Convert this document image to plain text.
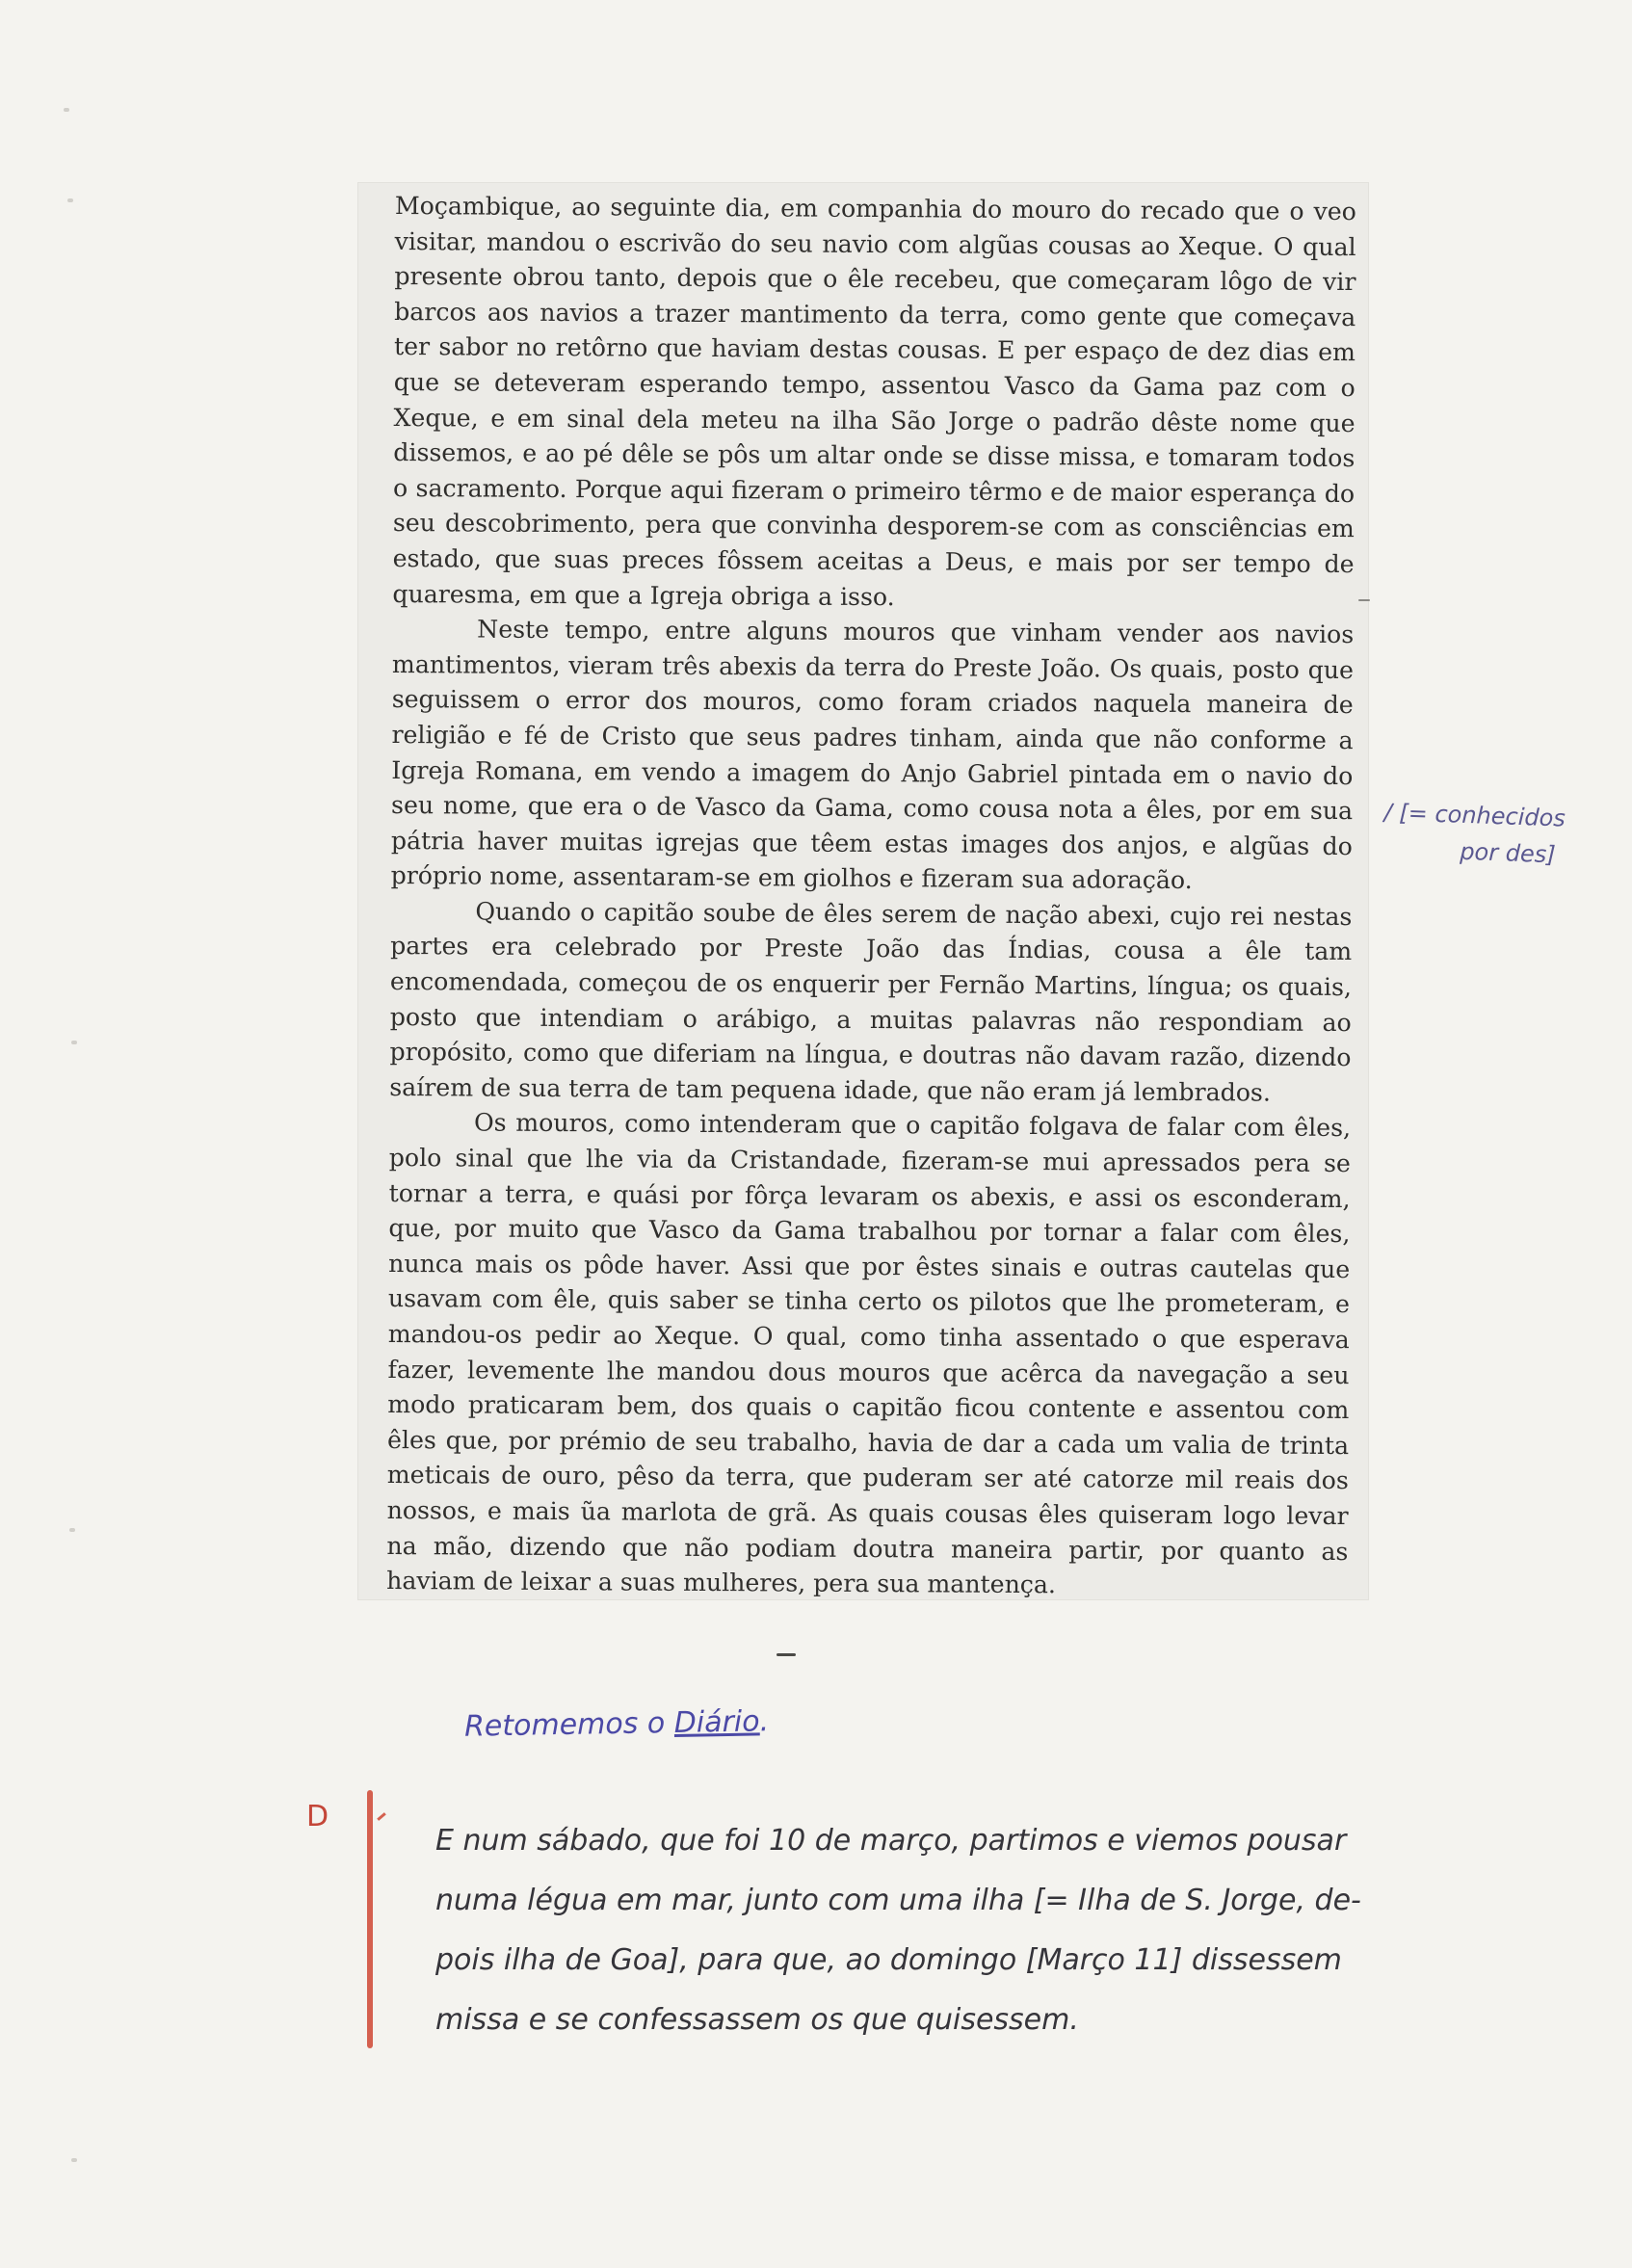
Moçambique, ao seguinte dia, em companhia do mouro do recado que o veo visitar, mandou o escrivão do seu navio com algũas cousas ao Xeque. O qual presente obrou tanto, depois que o êle recebeu, que começaram lôgo de vir barcos aos navios a trazer mantimento da terra, como gente que começava ter sabor no retôrno que haviam destas cousas. E per espaço de dez dias em que se deteveram esperando tempo, assentou Vasco da Gama paz com o Xeque, e em sinal dela meteu na ilha São Jorge o padrão dêste nome que dissemos, e ao pé dêle se pôs um altar onde se disse missa, e tomaram todos o sacramento. Porque aqui fizeram o primeiro têrmo e de maior esperança do seu descobrimento, pera que convinha desporem-se com as consciências em estado, que suas preces fôssem aceitas a Deus, e mais por ser tempo de quaresma, em que a Igreja obriga a isso.

Neste tempo, entre alguns mouros que vinham vender aos navios mantimentos, vieram três abexis da terra do Preste João. Os quais, posto que seguissem o error dos mouros, como foram criados naquela maneira de religião e fé de Cristo que seus padres tinham, ainda que não conforme a Igreja Romana, em vendo a imagem do Anjo Gabriel pintada em o navio do seu nome, que era o de Vasco da Gama, como cousa nota a êles, por em sua pátria haver muitas igrejas que têem estas images dos anjos, e algũas do próprio nome, assentaram-se em giolhos e fizeram sua adoração.

Quando o capitão soube de êles serem de nação abexi, cujo rei nestas partes era celebrado por Preste João das Índias, cousa a êle tam encomendada, começou de os enquerir per Fernão Martins, língua; os quais, posto que intendiam o arábigo, a muitas palavras não respondiam ao propósito, como que diferiam na língua, e doutras não davam razão, dizendo saírem de sua terra de tam pequena idade, que não eram já lembrados.

Os mouros, como intenderam que o capitão folgava de falar com êles, polo sinal que lhe via da Cristandade, fizeram-se mui apressados pera se tornar a terra, e quási por fôrça levaram os abexis, e assi os esconderam, que, por muito que Vasco da Gama trabalhou por tornar a falar com êles, nunca mais os pôde haver. Assi que por êstes sinais e outras cautelas que usavam com êle, quis saber se tinha certo os pilotos que lhe prometeram, e mandou-os pedir ao Xeque. O qual, como tinha assentado o que esperava fazer, levemente lhe mandou dous mouros que acêrca da navegação a seu modo praticaram bem, dos quais o capitão ficou contente e assentou com êles que, por prémio de seu trabalho, havia de dar a cada um valia de trinta meticais de ouro, pêso da terra, que puderam ser até catorze mil reais dos nossos, e mais ũa marlota de grã. As quais cousas êles quiseram logo levar na mão, dizendo que não podiam doutra maneira partir, por quanto as haviam de leixar a suas mulheres, pera sua mantença.

/ [= conhecidos
por des]
Retomemos o Diário.
D
E num sábado, que foi 10 de março, partimos e viemos pousar
numa légua em mar, junto com uma ilha [= Ilha de S. Jorge, de-
pois ilha de Goa], para que, ao domingo [Março 11] dissessem
missa e se confessassem os que quisessem.
